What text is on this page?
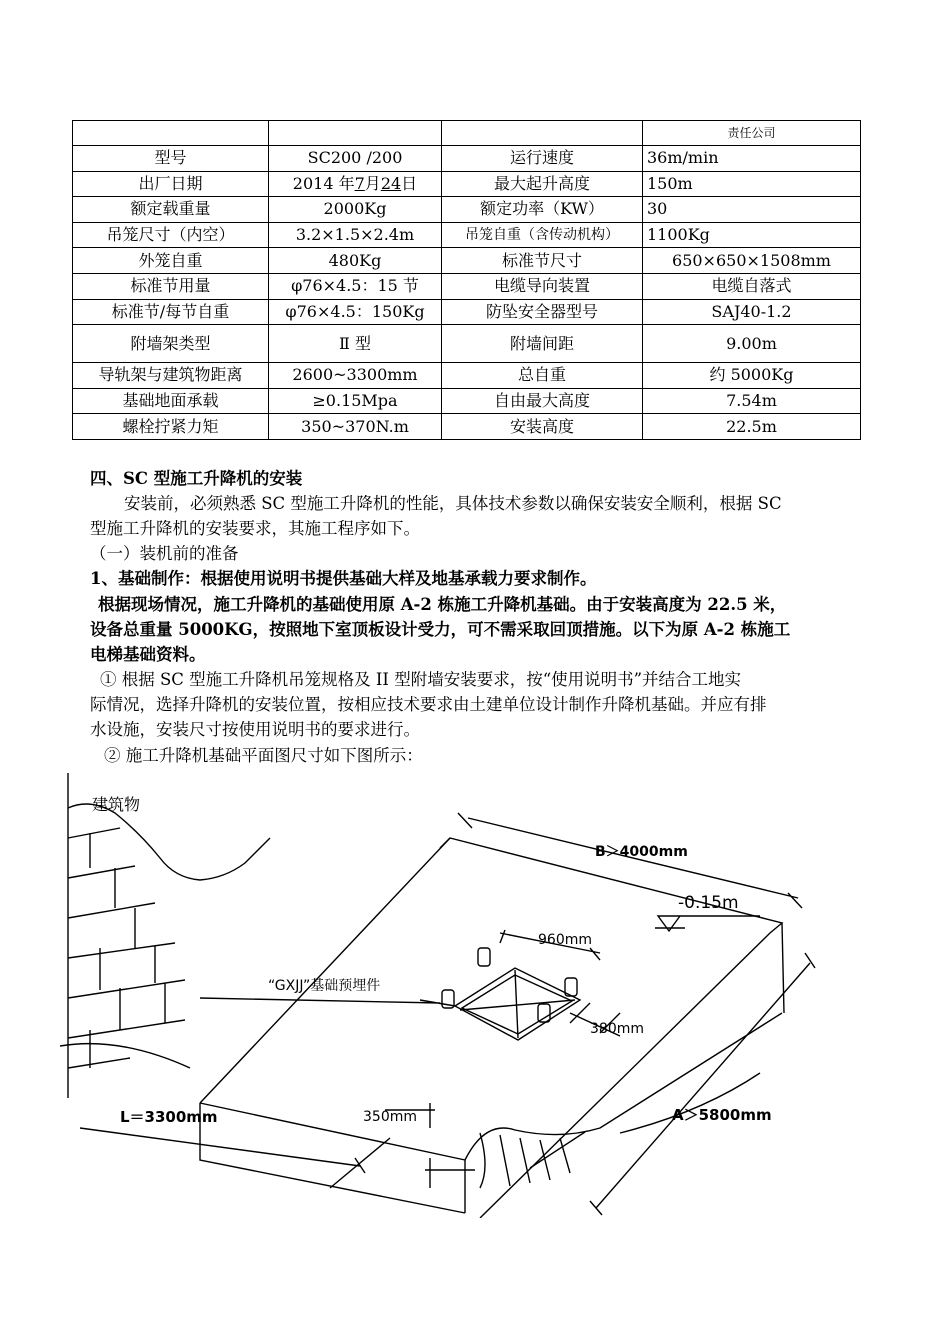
			责任公司
型号	SC200 /200	运行速度	36m/min
出厂日期	2014 年7月24日	最大起升高度	150m
额定载重量	2000Kg	额定功率（KW）	30
吊笼尺寸（内空）	3.2×1.5×2.4m	吊笼自重（含传动机构）	1100Kg
外笼自重	480Kg	标准节尺寸	650×650×1508mm
标准节用量	φ76×4.5：15 节	电缆导向装置	电缆自落式
标准节/每节自重	φ76×4.5：150Kg	防坠安全器型号	SAJ40-1.2
附墙架类型	Ⅱ 型	附墙间距	9.00m
导轨架与建筑物距离	2600~3300mm	总自重	约 5000Kg
基础地面承载	≥0.15Mpa	自由最大高度	7.54m
螺栓拧紧力矩	350~370N.m	安装高度	22.5m
四、SC 型施工升降机的安装
安装前，必须熟悉 SC 型施工升降机的性能，具体技术参数以确保安装安全顺利，根据 SC
型施工升降机的安装要求，其施工程序如下。
（一）装机前的准备
1、基础制作：根据使用说明书提供基础大样及地基承载力要求制作。
根据现场情况，施工升降机的基础使用原 A-2 栋施工升降机基础。由于安装高度为 22.5 米，
设备总重量 5000KG，按照地下室顶板设计受力，可不需采取回顶措施。以下为原 A-2 栋施工
电梯基础资料。
① 根据 SC 型施工升降机吊笼规格及 II 型附墙安装要求，按“使用说明书”并结合工地实
际情况，选择升降机的安装位置，按相应技术要求由土建单位设计制作升降机基础。并应有排
水设施，安装尺寸按使用说明书的要求进行。
② 施工升降机基础平面图尺寸如下图所示：
建筑物
B＞4000mm
-0.15m
960mm
“GXJJ”基础预埋件
380mm
L＝3300mm	350mm	A＞5800mm
